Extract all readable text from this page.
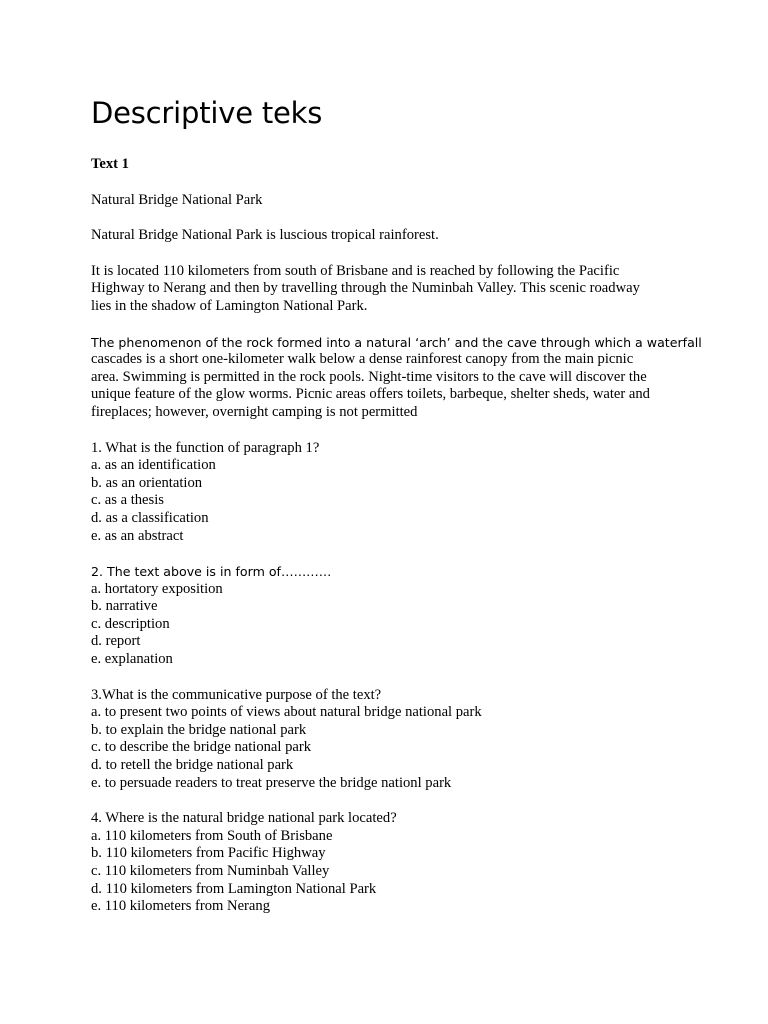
Descriptive teks
Text 1
Natural Bridge National Park
Natural Bridge National Park is luscious tropical rainforest.
It is located 110 kilometers from south of Brisbane and is reached by following the Pacific
Highway to Nerang and then by travelling through the Numinbah Valley. This scenic roadway
lies in the shadow of Lamington National Park.
The phenomenon of the rock formed into a natural ‘arch’ and the cave through which a waterfall
cascades is a short one-kilometer walk below a dense rainforest canopy from the main picnic
area. Swimming is permitted in the rock pools. Night-time visitors to the cave will discover the
unique feature of the glow worms. Picnic areas offers toilets, barbeque, shelter sheds, water and
fireplaces; however, overnight camping is not permitted
1. What is the function of paragraph 1?
a. as an identification
b. as an orientation
c. as a thesis
d. as a classification
e. as an abstract
2. The text above is in form of…………
a. hortatory exposition
b. narrative
c. description
d. report
e. explanation
3.What is the communicative purpose of the text?
a. to present two points of views about natural bridge national park
b. to explain the bridge national park
c. to describe the bridge national park
d. to retell the bridge national park
e. to persuade readers to treat preserve the bridge nationl park
4. Where is the natural bridge national park located?
a. 110 kilometers from South of Brisbane
b. 110 kilometers from Pacific Highway
c. 110 kilometers from Numinbah Valley
d. 110 kilometers from Lamington National Park
e. 110 kilometers from Nerang
